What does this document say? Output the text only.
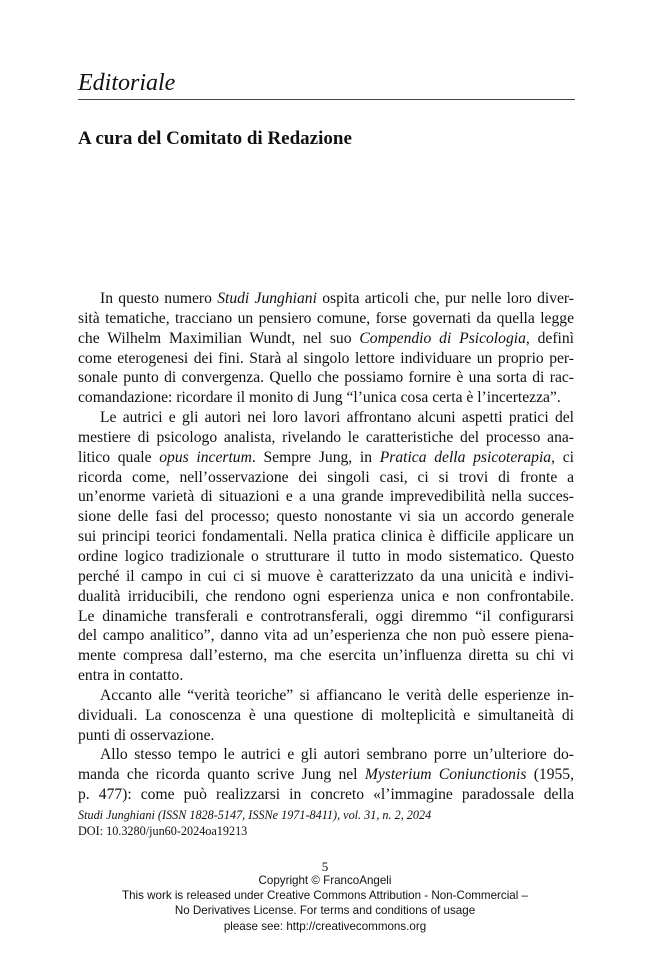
Editoriale
A cura del Comitato di Redazione
In questo numero Studi Junghiani ospita articoli che, pur nelle loro diver-
sità tematiche, tracciano un pensiero comune, forse governati da quella legge
che Wilhelm Maximilian Wundt, nel suo Compendio di Psicologia, definì
come eterogenesi dei fini. Starà al singolo lettore individuare un proprio per-
sonale punto di convergenza. Quello che possiamo fornire è una sorta di rac-
comandazione: ricordare il monito di Jung “l’unica cosa certa è l’incertezza”.
Le autrici e gli autori nei loro lavori affrontano alcuni aspetti pratici del
mestiere di psicologo analista, rivelando le caratteristiche del processo ana-
litico quale opus incertum. Sempre Jung, in Pratica della psicoterapia, ci
ricorda come, nell’osservazione dei singoli casi, ci si trovi di fronte a
un’enorme varietà di situazioni e a una grande imprevedibilità nella succes-
sione delle fasi del processo; questo nonostante vi sia un accordo generale
sui principi teorici fondamentali. Nella pratica clinica è difficile applicare un
ordine logico tradizionale o strutturare il tutto in modo sistematico. Questo
perché il campo in cui ci si muove è caratterizzato da una unicità e indivi-
dualità irriducibili, che rendono ogni esperienza unica e non confrontabile.
Le dinamiche transferali e controtransferali, oggi diremmo “il configurarsi
del campo analitico”, danno vita ad un’esperienza che non può essere piena-
mente compresa dall’esterno, ma che esercita un’influenza diretta su chi vi
entra in contatto.
Accanto alle “verità teoriche” si affiancano le verità delle esperienze in-
dividuali. La conoscenza è una questione di molteplicità e simultaneità di
punti di osservazione.
Allo stesso tempo le autrici e gli autori sembrano porre un’ulteriore do-
manda che ricorda quanto scrive Jung nel Mysterium Coniunctionis (1955,
p. 477): come può realizzarsi in concreto «l’immagine paradossale della
Studi Junghiani (ISSN 1828-5147, ISSNe 1971-8411), vol. 31, n. 2, 2024
DOI: 10.3280/jun60-2024oa19213
5
Copyright © FrancoAngeli
This work is released under Creative Commons Attribution - Non-Commercial –
No Derivatives License. For terms and conditions of usage
please see: http://creativecommons.org
